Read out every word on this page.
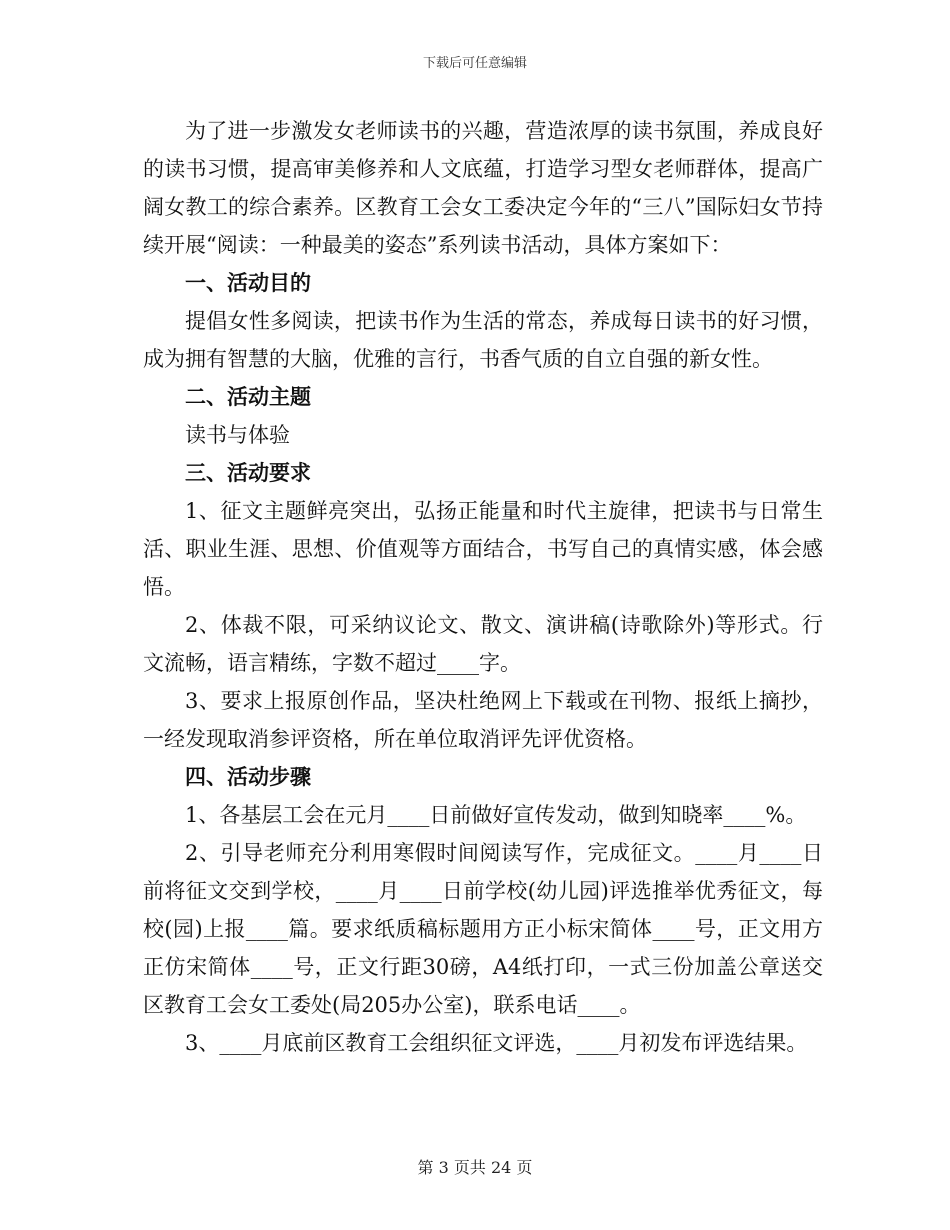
下载后可任意编辑

为了进一步激发女老师读书的兴趣，营造浓厚的读书氛围，养成良好的读书习惯，提高审美修养和人文底蕴，打造学习型女老师群体，提高广阔女教工的综合素养。区教育工会女工委决定今年的“三八”国际妇女节持续开展“阅读：一种最美的姿态”系列读书活动，具体方案如下：

一、活动目的

提倡女性多阅读，把读书作为生活的常态，养成每日读书的好习惯，成为拥有智慧的大脑，优雅的言行，书香气质的自立自强的新女性。

二、活动主题

读书与体验

三、活动要求

1、征文主题鲜亮突出，弘扬正能量和时代主旋律，把读书与日常生活、职业生涯、思想、价值观等方面结合，书写自己的真情实感，体会感悟。

2、体裁不限，可采纳议论文、散文、演讲稿(诗歌除外)等形式。行文流畅，语言精练，字数不超过____字。

3、要求上报原创作品，坚决杜绝网上下载或在刊物、报纸上摘抄，一经发现取消参评资格，所在单位取消评先评优资格。

四、活动步骤

1、各基层工会在元月____日前做好宣传发动，做到知晓率____%。

2、引导老师充分利用寒假时间阅读写作，完成征文。____月____日前将征文交到学校，____月____日前学校(幼儿园)评选推举优秀征文，每校(园)上报____篇。要求纸质稿标题用方正小标宋简体____号，正文用方正仿宋简体____号，正文行距30磅，A4纸打印，一式三份加盖公章送交区教育工会女工委处(局205办公室)，联系电话____。

3、____月底前区教育工会组织征文评选，____月初发布评选结果。

第 3 页共 24 页
